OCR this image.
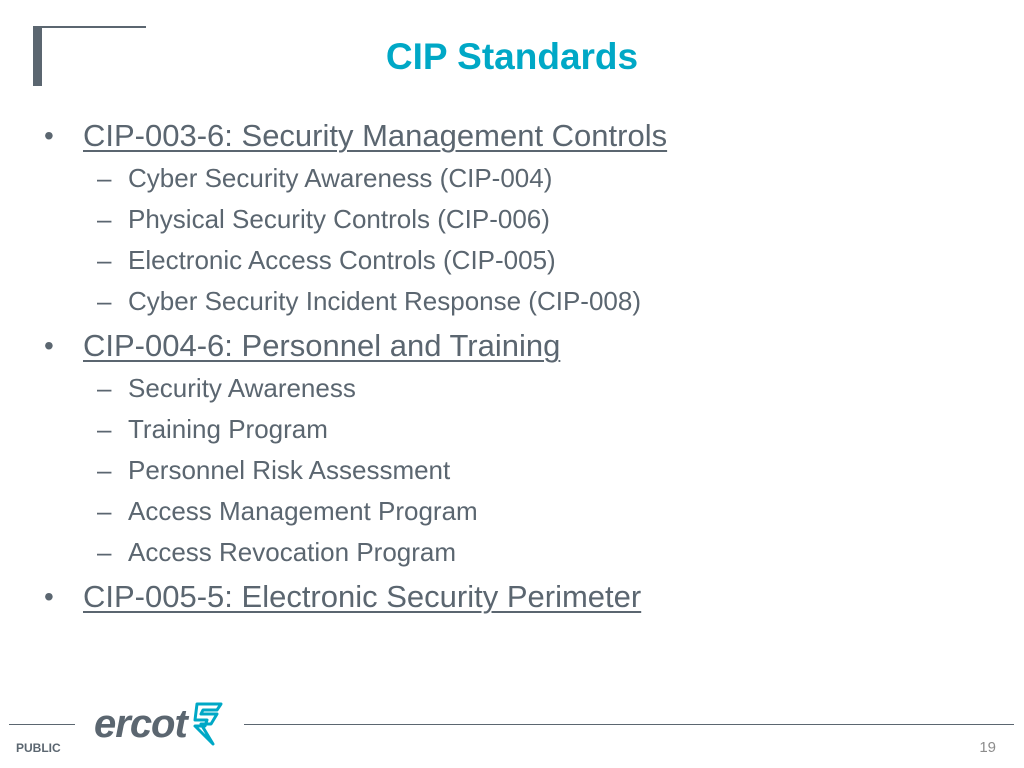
CIP Standards
• CIP-003-6: Security Management Controls
– Cyber Security Awareness (CIP-004)
– Physical Security Controls (CIP-006)
– Electronic Access Controls (CIP-005)
– Cyber Security Incident Response (CIP-008)
• CIP-004-6: Personnel and Training
– Security Awareness
– Training Program
– Personnel Risk Assessment
– Access Management Program
– Access Revocation Program
• CIP-005-5: Electronic Security Perimeter
ercot
PUBLIC	19
